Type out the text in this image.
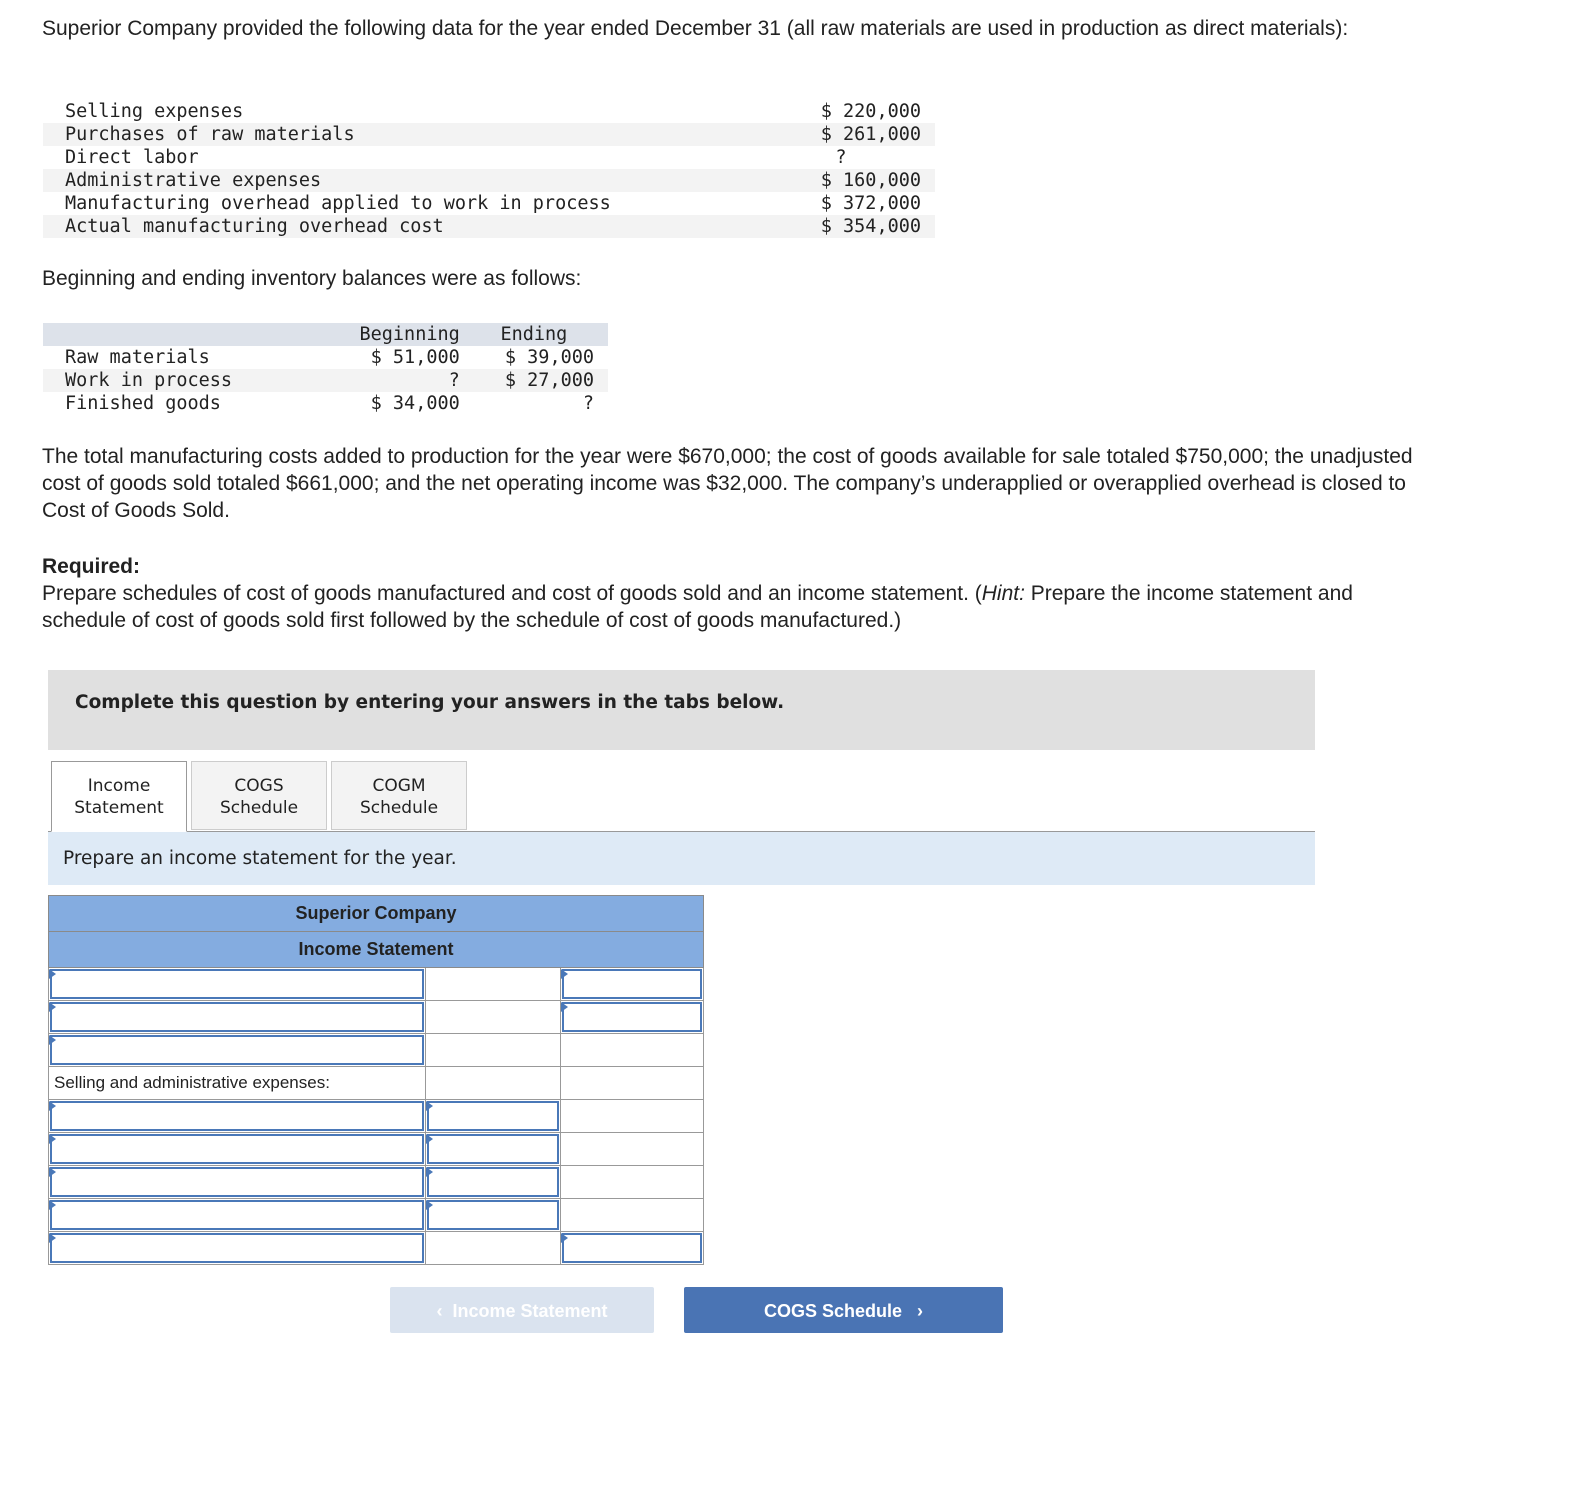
Superior Company provided the following data for the year ended December 31 (all raw materials are used in production as direct materials):

Selling expenses	$ 220,000
Purchases of raw materials	$ 261,000
Direct labor	?
Administrative expenses	$ 160,000
Manufacturing overhead applied to work in process	$ 372,000
Actual manufacturing overhead cost	$ 354,000

Beginning and ending inventory balances were as follows:

	Beginning	Ending
Raw materials	$ 51,000	$ 39,000
Work in process	?	$ 27,000
Finished goods	$ 34,000	?

The total manufacturing costs added to production for the year were $670,000; the cost of goods available for sale totaled $750,000; the unadjusted cost of goods sold totaled $661,000; and the net operating income was $32,000. The company’s underapplied or overapplied overhead is closed to Cost of Goods Sold.

Required:
Prepare schedules of cost of goods manufactured and cost of goods sold and an income statement. (Hint: Prepare the income statement and schedule of cost of goods sold first followed by the schedule of cost of goods manufactured.)

Complete this question by entering your answers in the tabs below.
Income
Statement
COGS
Schedule
COGM
Schedule
Prepare an income statement for the year.
Superior Company		
Income Statement		

Selling and administrative expenses:		

‹  Income Statement	COGS Schedule   ›
